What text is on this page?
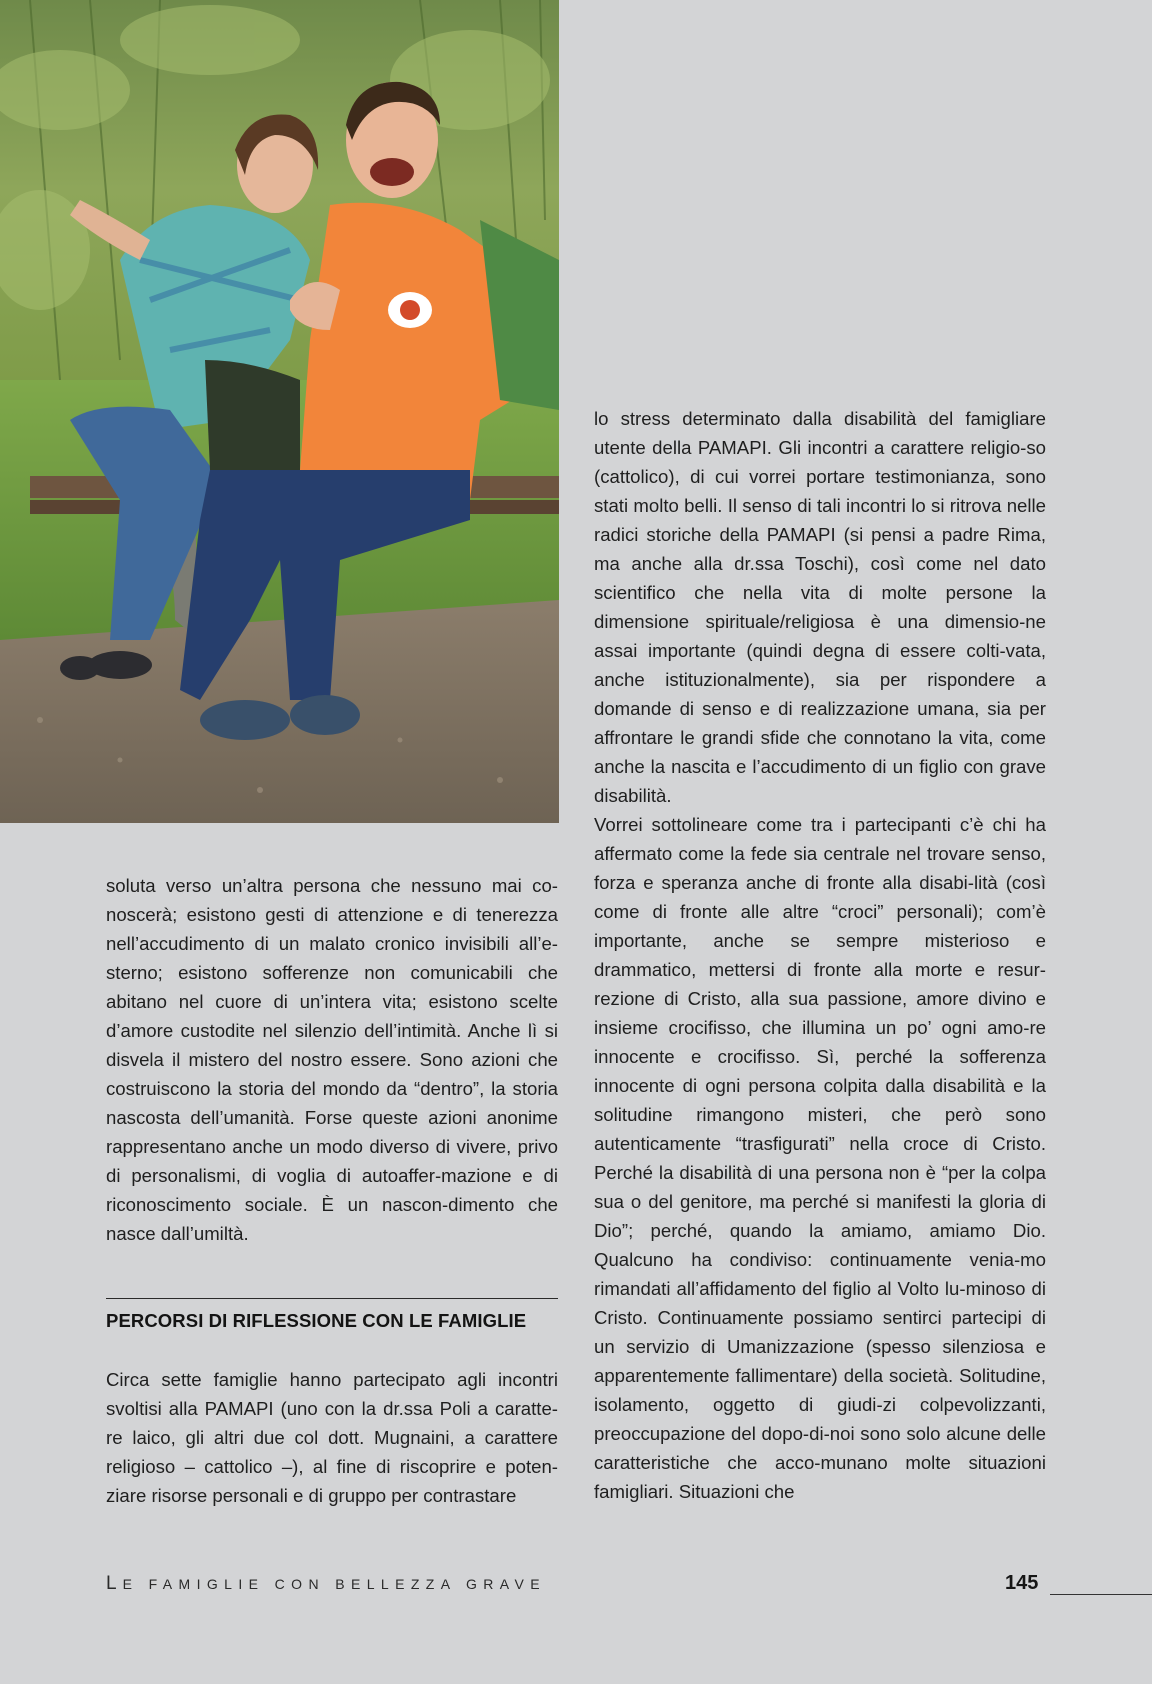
soluta verso un’altra persona che nessuno mai co-noscerà; esistono gesti di attenzione e di tenerezza nell’accudimento di un malato cronico invisibili all’e-sterno; esistono sofferenze non comunicabili che abitano nel cuore di un’intera vita; esistono scelte d’amore custodite nel silenzio dell’intimità. Anche lì si disvela il mistero del nostro essere. Sono azioni che costruiscono la storia del mondo da “dentro”, la storia nascosta dell’umanità. Forse queste azioni anonime rappresentano anche un modo diverso di vivere, privo di personalismi, di voglia di autoaffer-mazione e di riconoscimento sociale. È un nascon-dimento che nasce dall’umiltà.

PERCORSI DI RIFLESSIONE CON LE FAMIGLIE

Circa sette famiglie hanno partecipato agli incontri svoltisi alla PAMAPI (uno con la dr.ssa Poli a caratte-re laico, gli altri due col dott. Mugnaini, a carattere religioso – cattolico –), al fine di riscoprire e poten-ziare risorse personali e di gruppo per contrastare

lo stress determinato dalla disabilità del famigliare utente della PAMAPI. Gli incontri a carattere religio-so (cattolico), di cui vorrei portare testimonianza, sono stati molto belli. Il senso di tali incontri lo si ritrova nelle radici storiche della PAMAPI (si pensi a padre Rima, ma anche alla dr.ssa Toschi), così come nel dato scientifico che nella vita di molte persone la dimensione spirituale/religiosa è una dimensio-ne assai importante (quindi degna di essere colti-vata, anche istituzionalmente), sia per rispondere a domande di senso e di realizzazione umana, sia per affrontare le grandi sfide che connotano la vita, come anche la nascita e l’accudimento di un figlio con grave disabilità.

Vorrei sottolineare come tra i partecipanti c’è chi ha affermato come la fede sia centrale nel trovare senso, forza e speranza anche di fronte alla disabi-lità (così come di fronte alle altre “croci” personali); com’è importante, anche se sempre misterioso e drammatico, mettersi di fronte alla morte e resur-rezione di Cristo, alla sua passione, amore divino e insieme crocifisso, che illumina un po’ ogni amo-re innocente e crocifisso. Sì, perché la sofferenza innocente di ogni persona colpita dalla disabilità e la solitudine rimangono misteri, che però sono autenticamente “trasfigurati” nella croce di Cristo. Perché la disabilità di una persona non è “per la colpa sua o del genitore, ma perché si manifesti la gloria di Dio”; perché, quando la amiamo, amiamo Dio. Qualcuno ha condiviso: continuamente venia-mo rimandati all’affidamento del figlio al Volto lu-minoso di Cristo. Continuamente possiamo sentirci partecipi di un servizio di Umanizzazione (spesso silenziosa e apparentemente fallimentare) della società. Solitudine, isolamento, oggetto di giudi-zi colpevolizzanti, preoccupazione del dopo-di-noi sono solo alcune delle caratteristiche che acco-munano molte situazioni famigliari. Situazioni che

LE FAMIGLIE CON BELLEZZA GRAVE	145
